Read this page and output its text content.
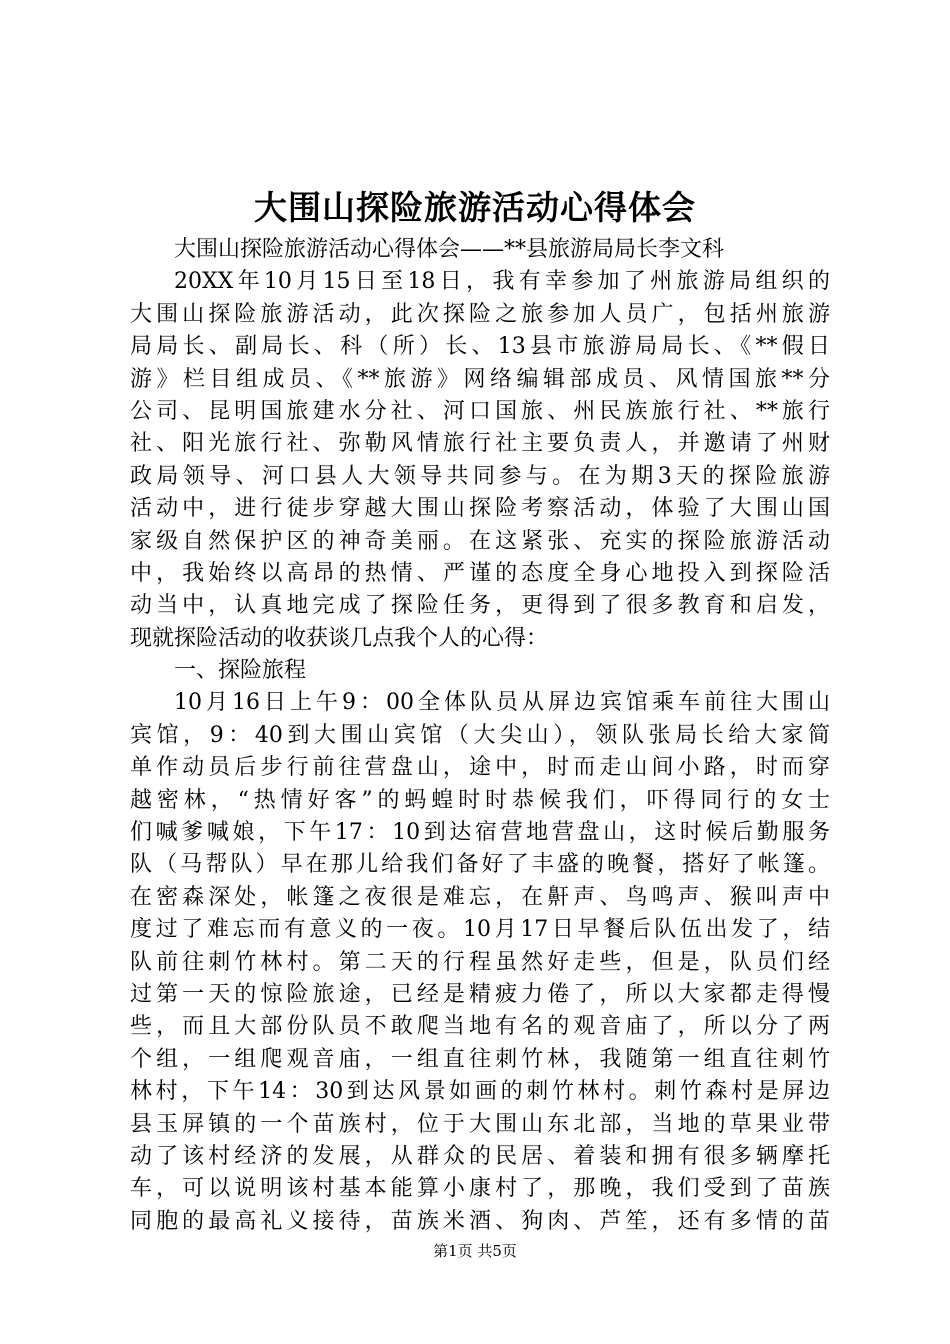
大围山探险旅游活动心得体会
大围山探险旅游活动心得体会——**县旅游局局长李文科
20XX年10月15日至18日，我有幸参加了州旅游局组织的
大围山探险旅游活动，此次探险之旅参加人员广，包括州旅游
局局长、副局长、科（所）长、13县市旅游局局长、《**假日
游》栏目组成员、《**旅游》网络编辑部成员、风情国旅**分
公司、昆明国旅建水分社、河口国旅、州民族旅行社、**旅行
社、阳光旅行社、弥勒风情旅行社主要负责人，并邀请了州财
政局领导、河口县人大领导共同参与。在为期3天的探险旅游
活动中，进行徒步穿越大围山探险考察活动，体验了大围山国
家级自然保护区的神奇美丽。在这紧张、充实的探险旅游活动
中，我始终以高昂的热情、严谨的态度全身心地投入到探险活
动当中，认真地完成了探险任务，更得到了很多教育和启发，
现就探险活动的收获谈几点我个人的心得：
一、探险旅程
10月16日上午9：00全体队员从屏边宾馆乘车前往大围山
宾馆，9：40到大围山宾馆（大尖山），领队张局长给大家简
单作动员后步行前往营盘山，途中，时而走山间小路，时而穿
越密林，“热情好客”的蚂蝗时时恭候我们，吓得同行的女士
们喊爹喊娘，下午17：10到达宿营地营盘山，这时候后勤服务
队（马帮队）早在那儿给我们备好了丰盛的晚餐，搭好了帐篷。
在密森深处，帐篷之夜很是难忘，在鼾声、鸟鸣声、猴叫声中
度过了难忘而有意义的一夜。10月17日早餐后队伍出发了，结
队前往刺竹林村。第二天的行程虽然好走些，但是，队员们经
过第一天的惊险旅途，已经是精疲力倦了，所以大家都走得慢
些，而且大部份队员不敢爬当地有名的观音庙了，所以分了两
个组，一组爬观音庙，一组直往刺竹林，我随第一组直往刺竹
林村，下午14：30到达风景如画的刺竹林村。刺竹森村是屏边
县玉屏镇的一个苗族村，位于大围山东北部，当地的草果业带
动了该村经济的发展，从群众的民居、着装和拥有很多辆摩托
车，可以说明该村基本能算小康村了，那晚，我们受到了苗族
同胞的最高礼义接待，苗族米酒、狗肉、芦笙，还有多情的苗
第1页 共5页
